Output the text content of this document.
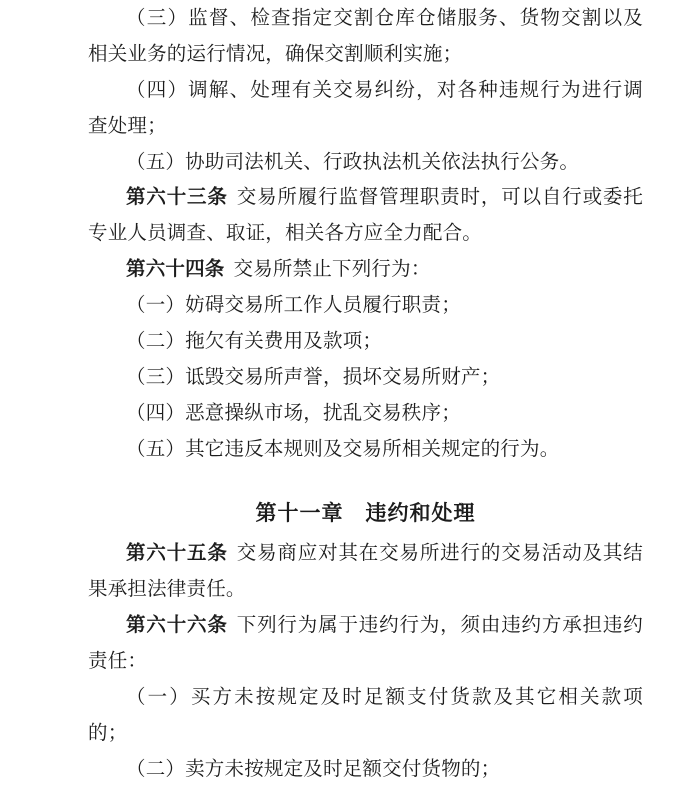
（三）监督、检查指定交割仓库仓储服务、货物交割以及
相关业务的运行情况，确保交割顺利实施；
（四）调解、处理有关交易纠纷，对各种违规行为进行调
查处理；
（五）协助司法机关、行政执法机关依法执行公务。
第六十三条 交易所履行监督管理职责时，可以自行或委托
专业人员调查、取证，相关各方应全力配合。
第六十四条 交易所禁止下列行为：
（一）妨碍交易所工作人员履行职责；
（二）拖欠有关费用及款项；
（三）诋毁交易所声誉，损坏交易所财产；
（四）恶意操纵市场，扰乱交易秩序；
（五）其它违反本规则及交易所相关规定的行为。
第十一章　违约和处理
第六十五条 交易商应对其在交易所进行的交易活动及其结
果承担法律责任。
第六十六条 下列行为属于违约行为，须由违约方承担违约
责任：
（一）买方未按规定及时足额支付货款及其它相关款项
的；
（二）卖方未按规定及时足额交付货物的；
